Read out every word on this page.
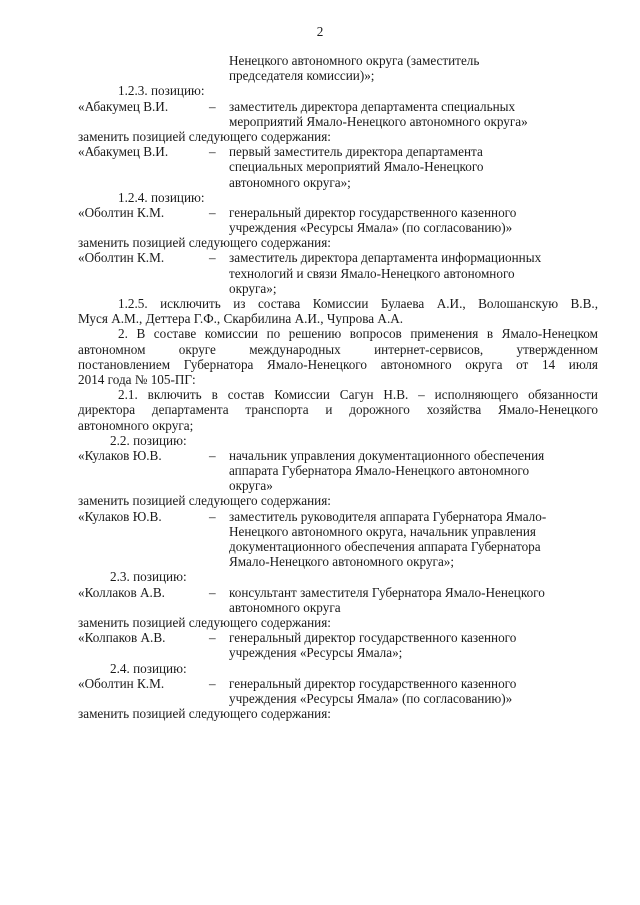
2
Ненецкого автономного округа (заместитель
председателя комиссии)»;
1.2.3. позицию:
«Абакумец В.И.	–	заместитель директора департамента специальных
мероприятий Ямало-Ненецкого автономного округа»
заменить позицией следующего содержания:
«Абакумец В.И.	–	первый заместитель директора департамента
специальных мероприятий Ямало-Ненецкого
автономного округа»;
1.2.4. позицию:
«Оболтин К.М.	–	генеральный директор государственного казенного
учреждения «Ресурсы Ямала» (по согласованию)»
заменить позицией следующего содержания:
«Оболтин К.М.	–	заместитель директора департамента информационных
технологий и связи Ямало-Ненецкого автономного
округа»;
1.2.5. исключить из состава Комиссии Булаева А.И., Волошанскую В.В.,
Муся А.М., Деттера Г.Ф., Скарбилина А.И., Чупрова А.А.
2. В составе комиссии по решению вопросов применения в Ямало-Ненецком
автономном округе международных интернет-сервисов, утвержденном
постановлением Губернатора Ямало-Ненецкого автономного округа от 14 июля
2014 года № 105-ПГ:
2.1. включить в состав Комиссии Сагун Н.В. – исполняющего обязанности
директора департамента транспорта и дорожного хозяйства Ямало-Ненецкого
автономного округа;
2.2. позицию:
«Кулаков Ю.В.	–	начальник управления документационного обеспечения
аппарата Губернатора Ямало-Ненецкого автономного
округа»
заменить позицией следующего содержания:
«Кулаков Ю.В.	–	заместитель руководителя аппарата Губернатора Ямало-
Ненецкого автономного округа, начальник управления
документационного обеспечения аппарата Губернатора
Ямало-Ненецкого автономного округа»;
2.3. позицию:
«Коллаков А.В.	–	консультант заместителя Губернатора Ямало-Ненецкого
автономного округа
заменить позицией следующего содержания:
«Колпаков А.В.	–	генеральный директор государственного казенного
учреждения «Ресурсы Ямала»;
2.4. позицию:
«Оболтин К.М.	–	генеральный директор государственного казенного
учреждения «Ресурсы Ямала» (по согласованию)»
заменить позицией следующего содержания:
